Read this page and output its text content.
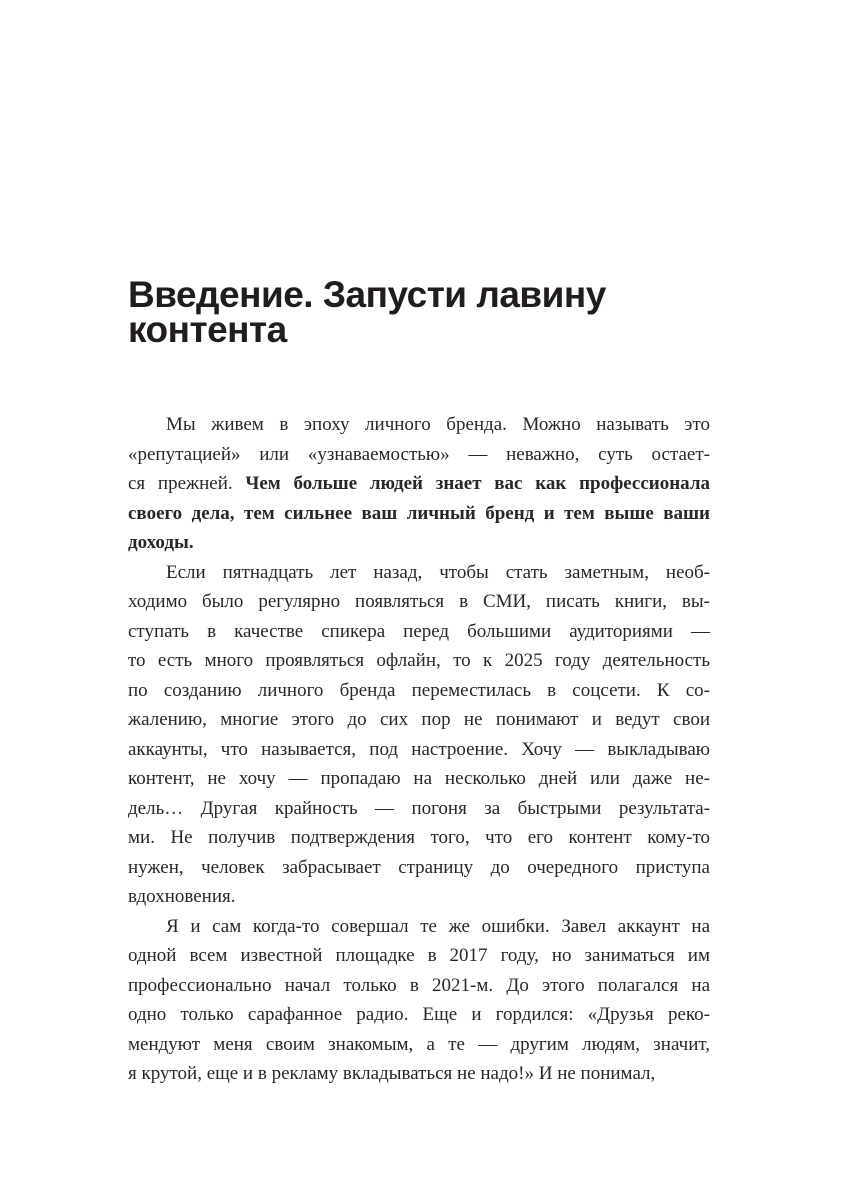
Введение. Запусти лавину
контента
Мы живем в эпоху личного бренда. Можно называть это
«репутацией» или «узнаваемостью» — неважно, суть остает-
ся прежней. Чем больше людей знает вас как профессионала
своего дела, тем сильнее ваш личный бренд и тем выше ваши
доходы.
Если пятнадцать лет назад, чтобы стать заметным, необ-
ходимо было регулярно появляться в СМИ, писать книги, вы-
ступать в качестве спикера перед большими аудиториями —
то есть много проявляться офлайн, то к 2025 году деятельность
по созданию личного бренда переместилась в соцсети. К со-
жалению, многие этого до сих пор не понимают и ведут свои
аккаунты, что называется, под настроение. Хочу — выкладываю
контент, не хочу — пропадаю на несколько дней или даже не-
дель… Другая крайность — погоня за быстрыми результата-
ми. Не получив подтверждения того, что его контент кому-то
нужен, человек забрасывает страницу до очередного приступа
вдохновения.
Я и сам когда-то совершал те же ошибки. Завел аккаунт на
одной всем известной площадке в 2017 году, но заниматься им
профессионально начал только в 2021-м. До этого полагался на
одно только сарафанное радио. Еще и гордился: «Друзья реко-
мендуют меня своим знакомым, а те — другим людям, значит,
я крутой, еще и в рекламу вкладываться не надо!» И не понимал,
